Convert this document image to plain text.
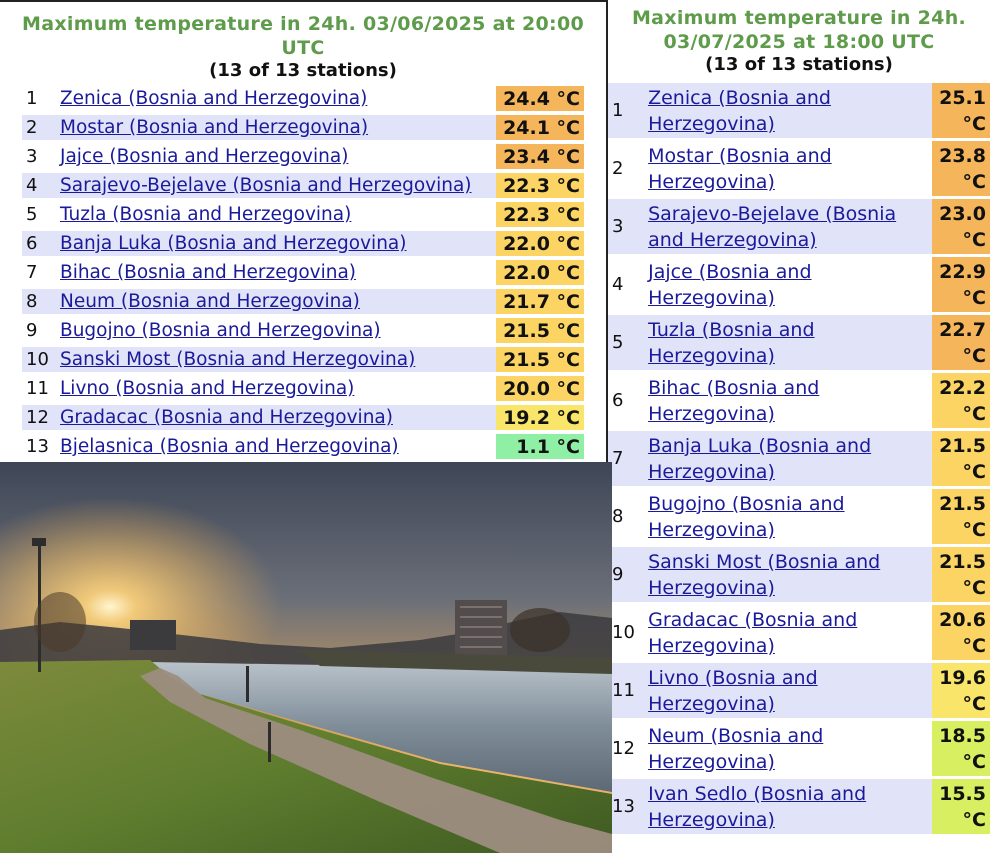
Maximum temperature in 24h. 03/06/2025 at 20:00 UTC
(13 of 13 stations)
1	Zenica (Bosnia and Herzegovina)	24.4 °C
2	Mostar (Bosnia and Herzegovina)	24.1 °C
3	Jajce (Bosnia and Herzegovina)	23.4 °C
4	Sarajevo-Bejelave (Bosnia and Herzegovina)	22.3 °C
5	Tuzla (Bosnia and Herzegovina)	22.3 °C
6	Banja Luka (Bosnia and Herzegovina)	22.0 °C
7	Bihac (Bosnia and Herzegovina)	22.0 °C
8	Neum (Bosnia and Herzegovina)	21.7 °C
9	Bugojno (Bosnia and Herzegovina)	21.5 °C
10	Sanski Most (Bosnia and Herzegovina)	21.5 °C
11	Livno (Bosnia and Herzegovina)	20.0 °C
12	Gradacac (Bosnia and Herzegovina)	19.2 °C
13	Bjelasnica (Bosnia and Herzegovina)	1.1 °C
Maximum temperature in 24h. 03/07/2025 at 18:00 UTC
(13 of 13 stations)
1	Zenica (Bosnia and Herzegovina)	25.1
°C
2	Mostar (Bosnia and Herzegovina)	23.8
°C
3	Sarajevo-Bejelave (Bosnia and Herzegovina)	23.0
°C
4	Jajce (Bosnia and Herzegovina)	22.9
°C
5	Tuzla (Bosnia and Herzegovina)	22.7
°C
6	Bihac (Bosnia and Herzegovina)	22.2
°C
7	Banja Luka (Bosnia and Herzegovina)	21.5
°C
8	Bugojno (Bosnia and Herzegovina)	21.5
°C
9	Sanski Most (Bosnia and Herzegovina)	21.5
°C
10	Gradacac (Bosnia and Herzegovina)	20.6
°C
11	Livno (Bosnia and Herzegovina)	19.6
°C
12	Neum (Bosnia and Herzegovina)	18.5
°C
13	Ivan Sedlo (Bosnia and Herzegovina)	15.5
°C
